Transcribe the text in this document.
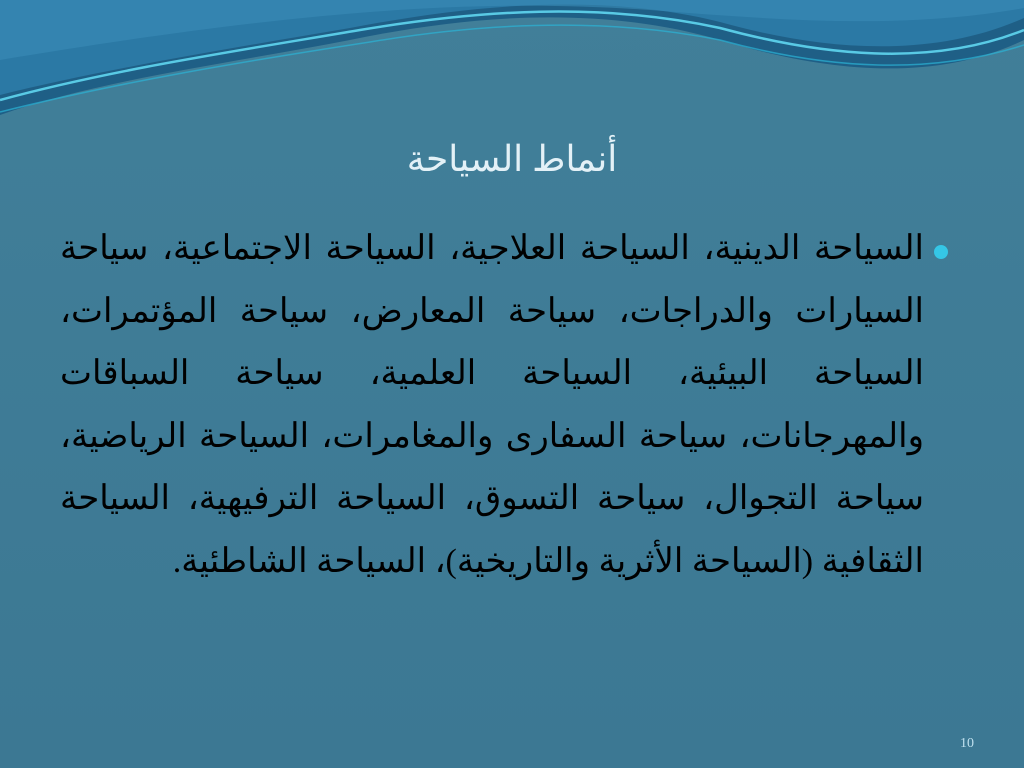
أنماط السياحة
السياحة الدينية، السياحة العلاجية، السياحة الاجتماعية، سياحة السيارات والدراجات، سياحة المعارض، سياحة المؤتمرات، السياحة البيئية، السياحة العلمية، سياحة السباقات والمهرجانات، سياحة السفارى والمغامرات، السياحة الرياضية، سياحة التجوال، سياحة التسوق، السياحة الترفيهية، السياحة الثقافية (السياحة الأثرية والتاريخية)، السياحة الشاطئية.
10
